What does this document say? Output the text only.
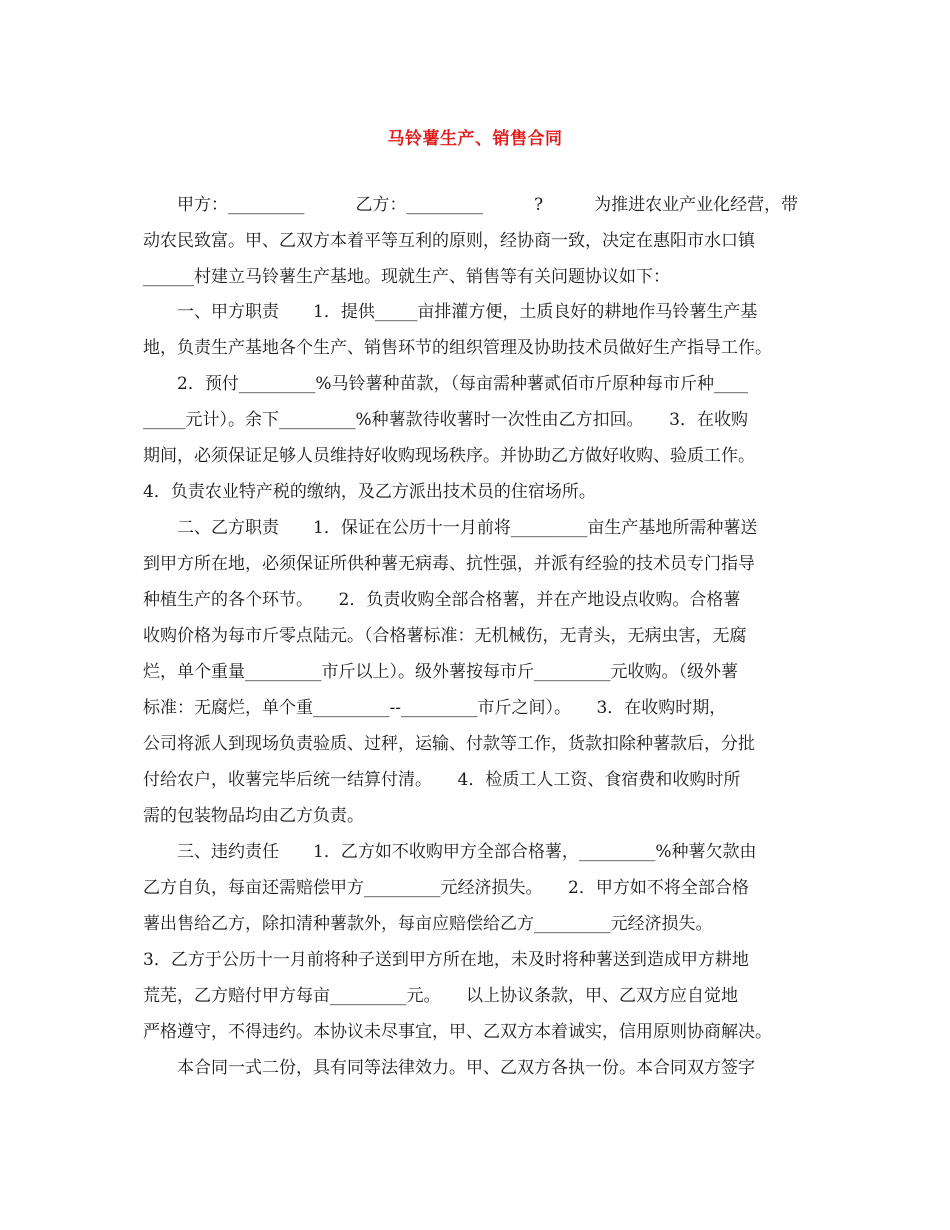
马铃薯生产、销售合同
甲方：_________　　　乙方：_________　　　?　　　为推进农业产业化经营，带
动农民致富。甲、乙双方本着平等互利的原则，经协商一致，决定在惠阳市水口镇
______村建立马铃薯生产基地。现就生产、销售等有关问题协议如下：
一、甲方职责　　1．提供_____亩排灌方便，土质良好的耕地作马铃薯生产基
地，负责生产基地各个生产、销售环节的组织管理及协助技术员做好生产指导工作。
2．预付_________%马铃薯种苗款，（每亩需种薯贰佰市斤原种每市斤种____
_____元计）。余下_________%种薯款待收薯时一次性由乙方扣回。　　3．在收购
期间，必须保证足够人员维持好收购现场秩序。并协助乙方做好收购、验质工作。
4．负责农业特产税的缴纳，及乙方派出技术员的住宿场所。
二、乙方职责　　1．保证在公历十一月前将_________亩生产基地所需种薯送
到甲方所在地，必须保证所供种薯无病毒、抗性强，并派有经验的技术员专门指导
种植生产的各个环节。　　2．负责收购全部合格薯，并在产地设点收购。合格薯
收购价格为每市斤零点陆元。（合格薯标准：无机械伤，无青头，无病虫害，无腐
烂，单个重量_________市斤以上）。级外薯按每市斤_________元收购。（级外薯
标准：无腐烂，单个重_________--_________市斤之间）。　　3．在收购时期，
公司将派人到现场负责验质、过秤，运输、付款等工作，货款扣除种薯款后，分批
付给农户，收薯完毕后统一结算付清。　　4．检质工人工资、食宿费和收购时所
需的包装物品均由乙方负责。
三、违约责任　　1．乙方如不收购甲方全部合格薯，_________%种薯欠款由
乙方自负，每亩还需赔偿甲方_________元经济损失。　　2．甲方如不将全部合格
薯出售给乙方，除扣清种薯款外，每亩应赔偿给乙方_________元经济损失。
3．乙方于公历十一月前将种子送到甲方所在地，未及时将种薯送到造成甲方耕地
荒芜，乙方赔付甲方每亩_________元。　　以上协议条款，甲、乙双方应自觉地
严格遵守，不得违约。本协议未尽事宜，甲、乙双方本着诚实，信用原则协商解决。
本合同一式二份，具有同等法律效力。甲、乙双方各执一份。本合同双方签字
